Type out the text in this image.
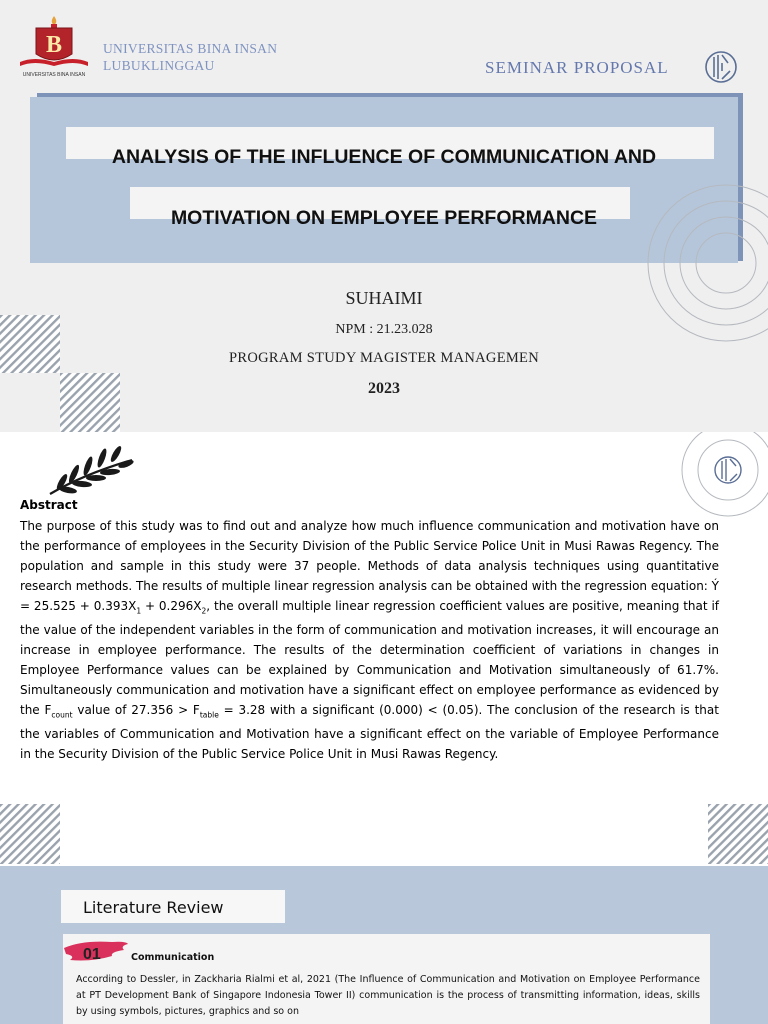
B
UNIVERSITAS BINA INSAN
UNIVERSITAS BINA INSAN
LUBUKLINGGAU	SEMINAR PROPOSAL
ANALYSIS OF THE INFLUENCE OF COMMUNICATION AND
MOTIVATION ON EMPLOYEE PERFORMANCE
SUHAIMI
NPM : 21.23.028
PROGRAM STUDY MAGISTER MANAGEMEN
2023
Abstract
The purpose of this study was to find out and analyze how much influence communication and motivation have on the performance of employees in the Security Division of the Public Service Police Unit in Musi Rawas Regency. The population and sample in this study were 37 people. Methods of data analysis techniques using quantitative research methods. The results of multiple linear regression analysis can be obtained with the regression equation: Ý = $25.525 + 0.393X_1 + 0.296X_2$, the overall multiple linear regression coefficient values are positive, meaning that if the value of the independent variables in the form of communication and motivation increases, it will encourage an increase in employee performance. The results of the determination coefficient of variations in changes in Employee Performance values can be explained by Communication and Motivation simultaneously of 61.7%. Simultaneously communication and motivation have a significant effect on employee performance as evidenced by the $F_{count}$ value of $27.356 > F_{table} = 3.28$ with a significant (0.000) < (0.05). The conclusion of the research is that the variables of Communication and Motivation have a significant effect on the variable of Employee Performance in the Security Division of the Public Service Police Unit in Musi Rawas Regency.
Literature Review
01	Communication
According to Dessler, in Zackharia Rialmi et al, 2021 (The Influence of Communication and Motivation on Employee Performance at PT Development Bank of Singapore Indonesia Tower II) communication is the process of transmitting information, ideas, skills by using symbols, pictures, graphics and so on
